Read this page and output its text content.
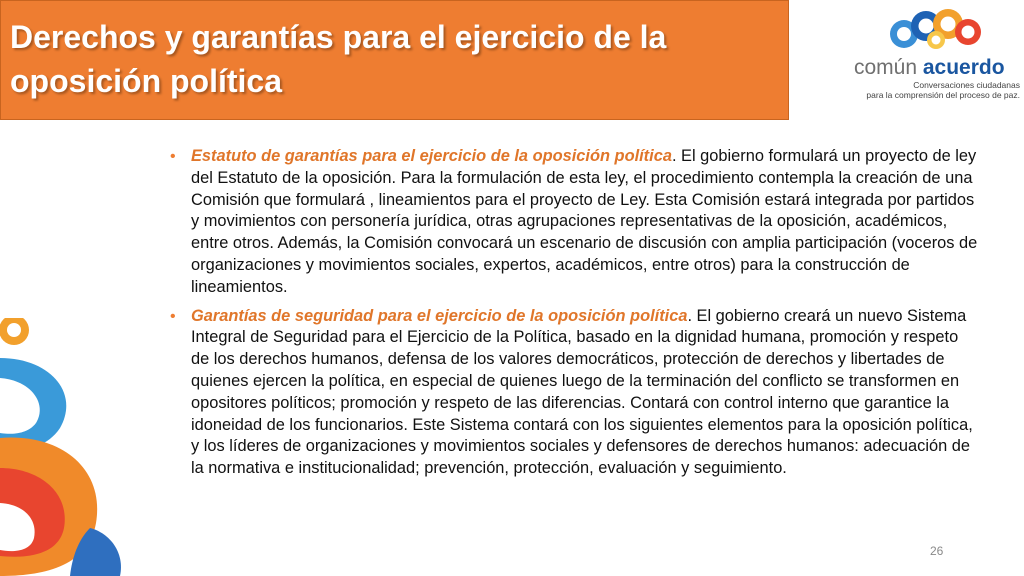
Derechos y garantías para el ejercicio de la oposición política	común acuerdo
Conversaciones ciudadanas
para la comprensión del proceso de paz.
• Estatuto de garantías para el ejercicio de la oposición política. El gobierno formulará un proyecto de ley del Estatuto de la oposición. Para la formulación de esta ley, el procedimiento contempla la creación de una Comisión que formulará , lineamientos para el proyecto de Ley. Esta Comisión estará integrada por partidos y movimientos con personería jurídica, otras agrupaciones representativas de la oposición, académicos, entre otros. Además, la Comisión convocará un escenario de discusión con amplia participación (voceros de organizaciones y movimientos sociales, expertos, académicos, entre otros) para la construcción de lineamientos.
• Garantías de seguridad para el ejercicio de la oposición política. El gobierno creará un nuevo Sistema Integral de Seguridad para el Ejercicio de la Política, basado en la dignidad humana, promoción y respeto de los derechos humanos, defensa de los valores democráticos, protección de derechos y libertades de quienes ejercen la política, en especial de quienes luego de la terminación del conflicto se transformen en opositores políticos; promoción y respeto de las diferencias. Contará con control interno que garantice la idoneidad de los funcionarios. Este Sistema contará con los siguientes elementos para la oposición política, y los líderes de organizaciones y movimientos sociales y defensores de derechos humanos: adecuación de la normativa e institucionalidad; prevención, protección, evaluación y seguimiento.
26
